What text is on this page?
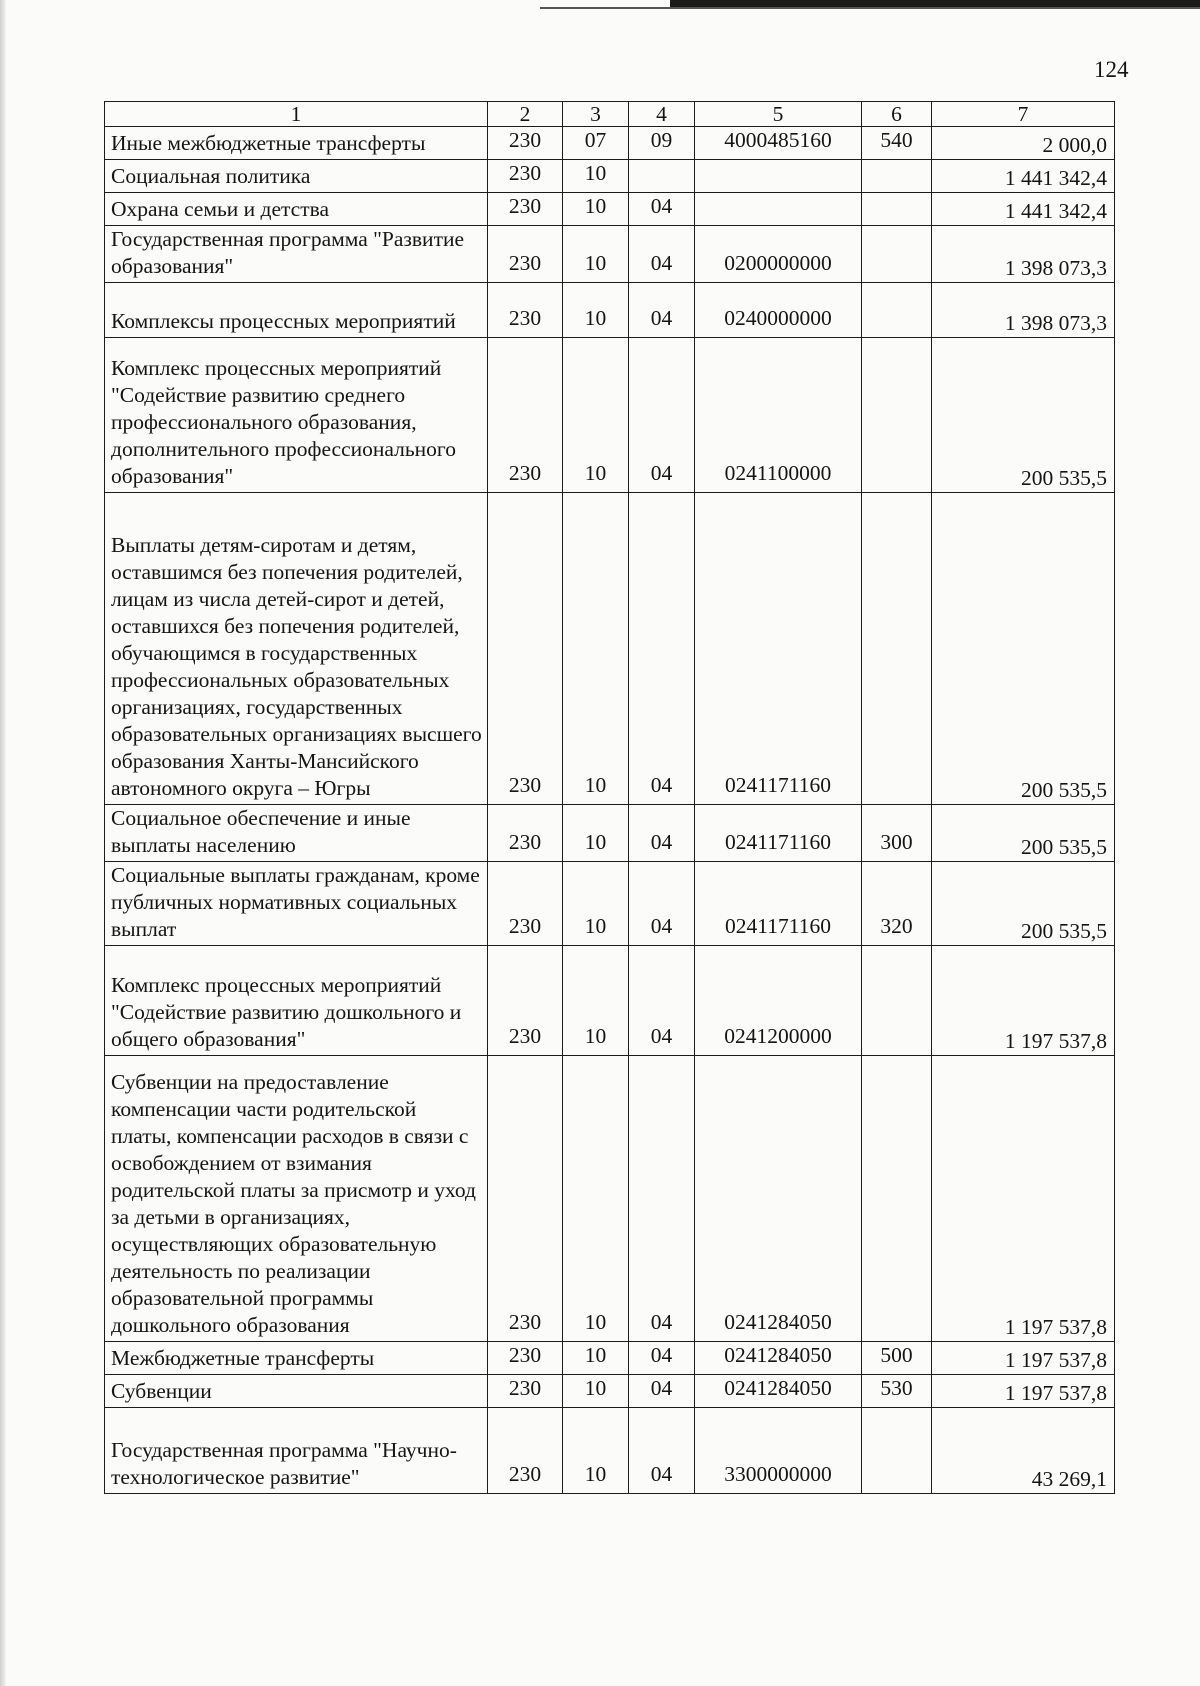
124
1	2	3	4	5	6	7
Иные межбюджетные трансферты	230	07	09	4000485160	540	2 000,0
Социальная политика	230	10				1 441 342,4
Охрана семьи и детства	230	10	04			1 441 342,4
Государственная программа "Развитие образования"	230	10	04	0200000000		1 398 073,3
Комплексы процессных мероприятий	230	10	04	0240000000		1 398 073,3
Комплекс процессных мероприятий "Содействие развитию среднего профессионального образования, дополнительного профессионального образования"	230	10	04	0241100000		200 535,5
Выплаты детям-сиротам и детям, оставшимся без попечения родителей, лицам из числа детей-сирот и детей, оставшихся без попечения родителей, обучающимся в государственных профессиональных образовательных организациях, государственных образовательных организациях высшего образования Ханты-Мансийского автономного округа – Югры	230	10	04	0241171160		200 535,5
Социальное обеспечение и иные выплаты населению	230	10	04	0241171160	300	200 535,5
Социальные выплаты гражданам, кроме публичных нормативных социальных выплат	230	10	04	0241171160	320	200 535,5
Комплекс процессных мероприятий "Содействие развитию дошкольного и общего образования"	230	10	04	0241200000		1 197 537,8
Субвенции на предоставление компенсации части родительской платы, компенсации расходов в связи с освобождением от взимания родительской платы за присмотр и уход за детьми в организациях, осуществляющих образовательную деятельность по реализации образовательной программы дошкольного образования	230	10	04	0241284050		1 197 537,8
Межбюджетные трансферты	230	10	04	0241284050	500	1 197 537,8
Субвенции	230	10	04	0241284050	530	1 197 537,8
Государственная программа "Научно-технологическое развитие"	230	10	04	3300000000		43 269,1
